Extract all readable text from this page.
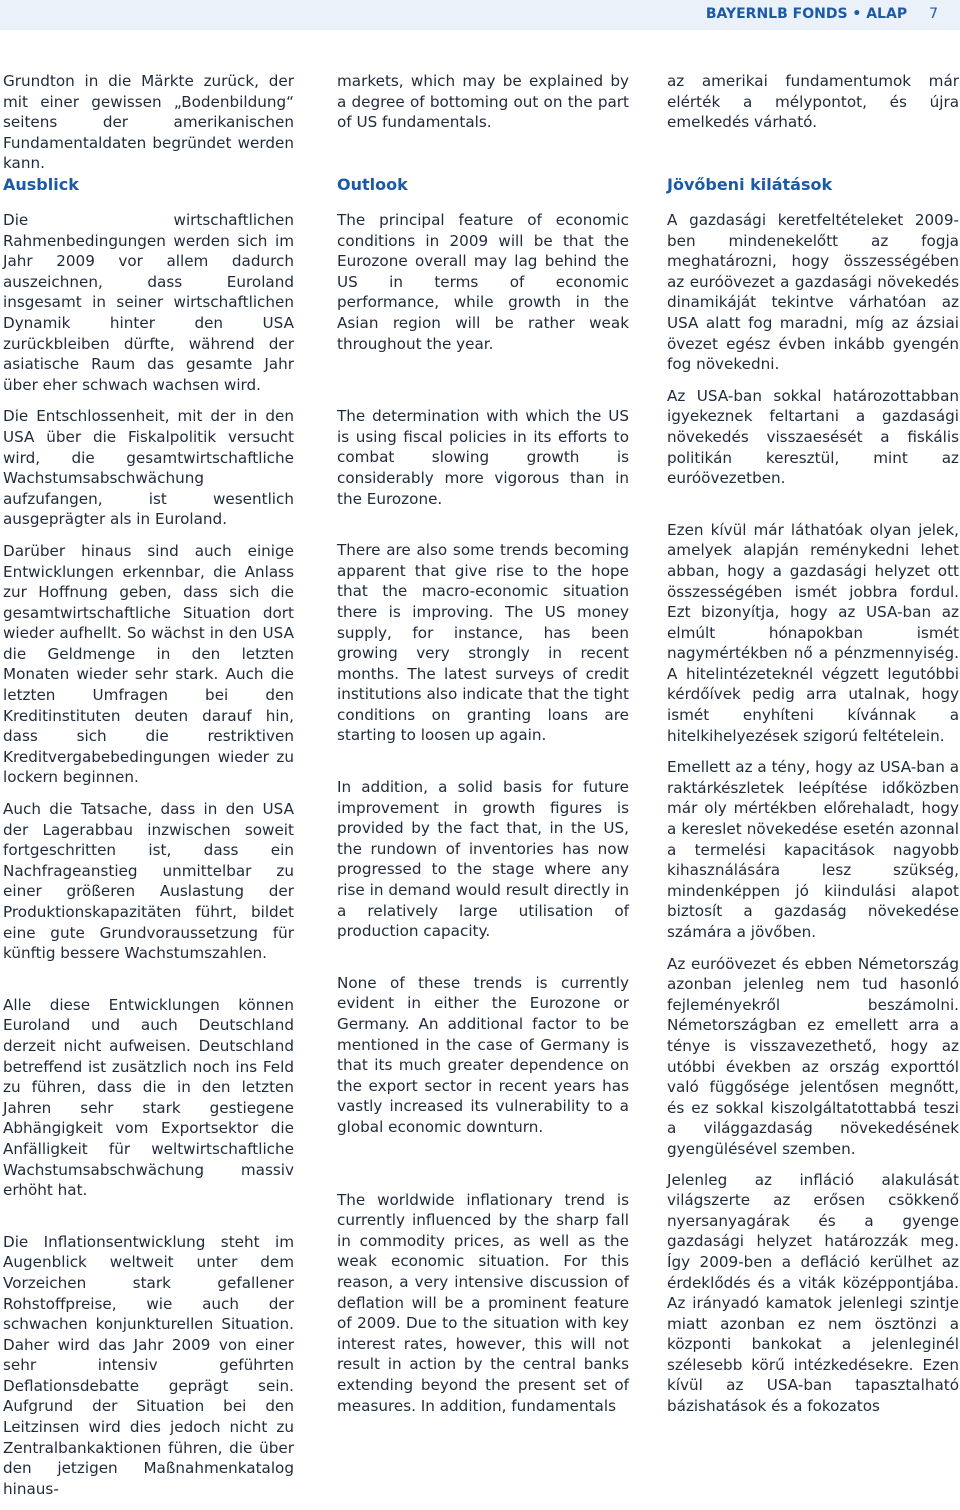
BAYERNLB FONDS • ALAP 7

Grundton in die Märkte zurück, der mit einer gewissen „Bodenbildung“ seitens der amerikanischen Fundamentaldaten begründet werden kann.

Ausblick

Die wirtschaftlichen Rahmenbedingungen werden sich im Jahr 2009 vor allem dadurch auszeichnen, dass Euroland insgesamt in seiner wirtschaftlichen Dynamik hinter den USA zurückbleiben dürfte, während der asiatische Raum das gesamte Jahr über eher schwach wachsen wird.

Die Entschlossenheit, mit der in den USA über die Fiskalpolitik versucht wird, die gesamtwirtschaftliche Wachstumsabschwächung aufzufangen, ist wesentlich ausgeprägter als in Euroland.

Darüber hinaus sind auch einige Entwicklungen erkennbar, die Anlass zur Hoffnung geben, dass sich die gesamtwirtschaftliche Situation dort wieder aufhellt. So wächst in den USA die Geldmenge in den letzten Monaten wieder sehr stark. Auch die letzten Umfragen bei den Kreditinstituten deuten darauf hin, dass sich die restriktiven Kreditvergabebedingungen wieder zu lockern beginnen.

Auch die Tatsache, dass in den USA der Lagerabbau inzwischen soweit fortgeschritten ist, dass ein Nachfrageanstieg unmittelbar zu einer größeren Auslastung der Produktionskapazitäten führt, bildet eine gute Grundvoraussetzung für künftig bessere Wachstumszahlen.

Alle diese Entwicklungen können Euroland und auch Deutschland derzeit nicht aufweisen. Deutschland betreffend ist zusätzlich noch ins Feld zu führen, dass die in den letzten Jahren sehr stark gestiegene Abhängigkeit vom Exportsektor die Anfälligkeit für weltwirtschaftliche Wachstumsabschwächung massiv erhöht hat.

Die Inflationsentwicklung steht im Augenblick weltweit unter dem Vorzeichen stark gefallener Rohstoffpreise, wie auch der schwachen konjunkturellen Situation. Daher wird das Jahr 2009 von einer sehr intensiv geführten Deflationsdebatte geprägt sein. Aufgrund der Situation bei den Leitzinsen wird dies jedoch nicht zu Zentralbankaktionen führen, die über den jetzigen Maßnahmenkatalog hinaus-

markets, which may be explained by a degree of bottoming out on the part of US fundamentals.

Outlook

The principal feature of economic conditions in 2009 will be that the Eurozone overall may lag behind the US in terms of economic performance, while growth in the Asian region will be rather weak throughout the year.

The determination with which the US is using fiscal policies in its efforts to combat slowing growth is considerably more vigorous than in the Eurozone.

There are also some trends becoming apparent that give rise to the hope that the macro-economic situation there is improving. The US money supply, for instance, has been growing very strongly in recent months. The latest surveys of credit institutions also indicate that the tight conditions on granting loans are starting to loosen up again.

In addition, a solid basis for future improvement in growth figures is provided by the fact that, in the US, the rundown of inventories has now progressed to the stage where any rise in demand would result directly in a relatively large utilisation of production capacity.

None of these trends is currently evident in either the Eurozone or Germany. An additional factor to be mentioned in the case of Germany is that its much greater dependence on the export sector in recent years has vastly increased its vulnerability to a global economic downturn.

The worldwide inflationary trend is currently influenced by the sharp fall in commodity prices, as well as the weak economic situation. For this reason, a very intensive discussion of deflation will be a prominent feature of 2009. Due to the situation with key interest rates, however, this will not result in action by the central banks extending beyond the present set of measures. In addition, fundamentals

az amerikai fundamentumok már elérték a mélypontot, és újra emelkedés várható.

Jövőbeni kilátások

A gazdasági keretfeltételeket 2009-ben mindenekelőtt az fogja meghatározni, hogy összességében az euróövezet a gazdasági növekedés dinamikáját tekintve várhatóan az USA alatt fog maradni, míg az ázsiai övezet egész évben inkább gyengén fog növekedni.

Az USA-ban sokkal határozottabban igyekeznek feltartani a gazdasági növekedés visszaesését a fiskális politikán keresztül, mint az euróövezetben.

Ezen kívül már láthatóak olyan jelek, amelyek alapján reménykedni lehet abban, hogy a gazdasági helyzet ott összességében ismét jobbra fordul. Ezt bizonyítja, hogy az USA-ban az elmúlt hónapokban ismét nagymértékben nő a pénzmennyiség. A hitelintézeteknél végzett legutóbbi kérdőívek pedig arra utalnak, hogy ismét enyhíteni kívánnak a hitelkihelyezések szigorú feltételein.

Emellett az a tény, hogy az USA-ban a raktárkészletek leépítése időközben már oly mértékben előrehaladt, hogy a kereslet növekedése esetén azonnal a termelési kapacitások nagyobb kihasználására lesz szükség, mindenképpen jó kiindulási alapot biztosít a gazdaság növekedése számára a jövőben.

Az euróövezet és ebben Németország azonban jelenleg nem tud hasonló fejleményekről beszámolni. Németországban ez emellett arra a ténye is visszavezethető, hogy az utóbbi években az ország exporttól való függősége jelentősen megnőtt, és ez sokkal kiszolgáltatottabbá teszi a világgazdaság növekedésének gyengülésével szemben.

Jelenleg az infláció alakulását világszerte az erősen csökkenő nyersanyagárak és a gyenge gazdasági helyzet határozzák meg. Így 2009-ben a defláció kerülhet az érdeklődés és a viták középpontjába. Az irányadó kamatok jelenlegi szintje miatt azonban ez nem ösztönzi a központi bankokat a jelenleginél szélesebb körű intézkedésekre. Ezen kívül az USA-ban tapasztalható bázishatások és a fokozatos
